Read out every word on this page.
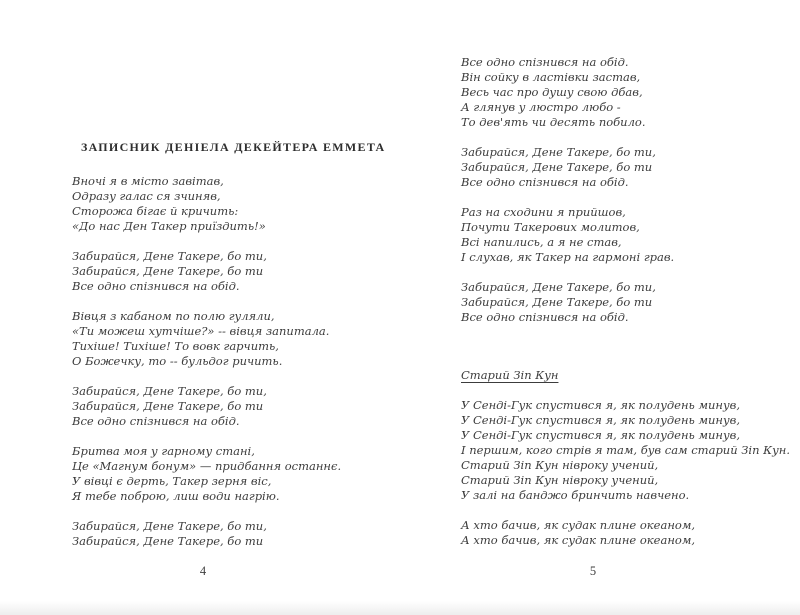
ЗАПИСНИК ДЕНІЕЛА ДЕКЕЙТЕРА ЕММЕТА

Вночі я в місто завітав,
Одразу галас ся зчиняв,
Сторожа бігає й кричить:
«До нас Ден Такер приїздить!»

Забирайся, Дене Такере, бо ти,
Забирайся, Дене Такере, бо ти
Все одно спізнився на обід.

Вівця з кабаном по полю гуляли,
«Ти можеш хутчіше?» -- вівця запитала.
Тихіше! Тихіше! То вовк гарчить,
О Божечку, то -- бульдог ричить.

Забирайся, Дене Такере, бо ти,
Забирайся, Дене Такере, бо ти
Все одно спізнився на обід.

Бритва моя у гарному стані,
Це «Магнум бонум» — придбання останнє.
У вівці є дерть, Такер зерня віс,
Я тебе поброю, лиш води нагрію.

Забирайся, Дене Такере, бо ти,
Забирайся, Дене Такере, бо ти

Все одно спізнився на обід.
Він сойку в ластівки застав,
Весь час про душу свою дбав,
А глянув у люстро любо -
То дев'ять чи десять побило.

Забирайся, Дене Такере, бо ти,
Забирайся, Дене Такере, бо ти
Все одно спізнився на обід.

Раз на сходини я прийшов,
Почути Такерових молитов,
Всі напились, а я не став,
І слухав, як Такер на гармоні грав.

Забирайся, Дене Такере, бо ти,
Забирайся, Дене Такере, бо ти
Все одно спізнився на обід.

Старий Зіп Кун

У Сенді-Гук спустився я, як полудень минув,
У Сенді-Гук спустився я, як полудень минув,
У Сенді-Гук спустився я, як полудень минув,
І першим, кого стрів я там, був сам старий Зіп Кун.
Старий Зіп Кун нівроку учений,
Старий Зіп Кун нівроку учений,
У залі на банджо бринчить навчено.

А хто бачив, як судак плине океаном,
А хто бачив, як судак плине океаном,

4	5
